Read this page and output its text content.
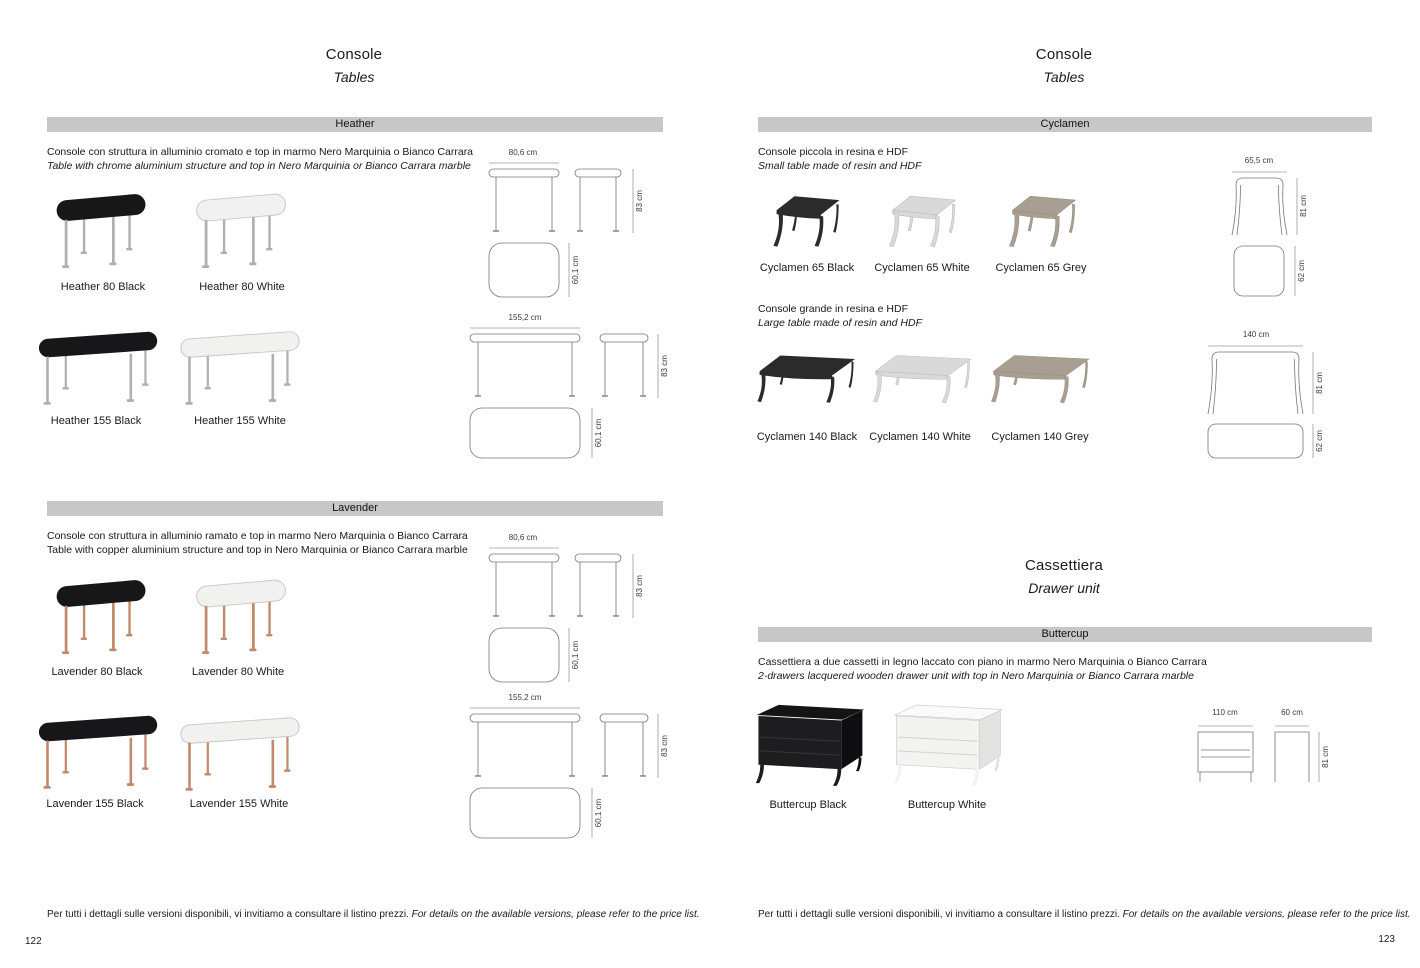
Console
Tables
Heather
Console con struttura in alluminio cromato e top in marmo Nero Marquinia o Bianco Carrara
Table with chrome aluminium structure and top in Nero Marquinia or Bianco Carrara marble
Heather 80 Black	Heather 80 White
Heather 155 Black	Heather 155 White
80,6 cm
83 cm
60,1 cm
155,2 cm
83 cm
60,1 cm
Lavender
Console con struttura in alluminio ramato e top in marmo Nero Marquinia o Bianco Carrara
Table with copper aluminium structure and top in Nero Marquinia or Bianco Carrara marble
Lavender 80 Black	Lavender 80 White
Lavender 155 Black	Lavender 155 White
80,6 cm
83 cm
60,1 cm
155,2 cm
83 cm
60,1 cm
Per tutti i dettagli sulle versioni disponibili, vi invitiamo a consultare il listino prezzi. For details on the available versions, please refer to the price list.
122
Console
Tables
Cyclamen
Console piccola in resina e HDF
Small table made of resin and HDF
Cyclamen 65 Black	Cyclamen 65 White	Cyclamen 65 Grey
Console grande in resina e HDF
Large table made of resin and HDF
Cyclamen 140 Black	Cyclamen 140 White	Cyclamen 140 Grey
65,5 cm
81 cm
62 cm
140 cm
81 cm
62 cm
Cassettiera
Drawer unit
Buttercup
Cassettiera a due cassetti in legno laccato con piano in marmo Nero Marquinia o Bianco Carrara
2-drawers lacquered wooden drawer unit with top in Nero Marquinia or Bianco Carrara marble
Buttercup Black	Buttercup White
110 cm	60 cm
81 cm
Per tutti i dettagli sulle versioni disponibili, vi invitiamo a consultare il listino prezzi. For details on the available versions, please refer to the price list.
123
